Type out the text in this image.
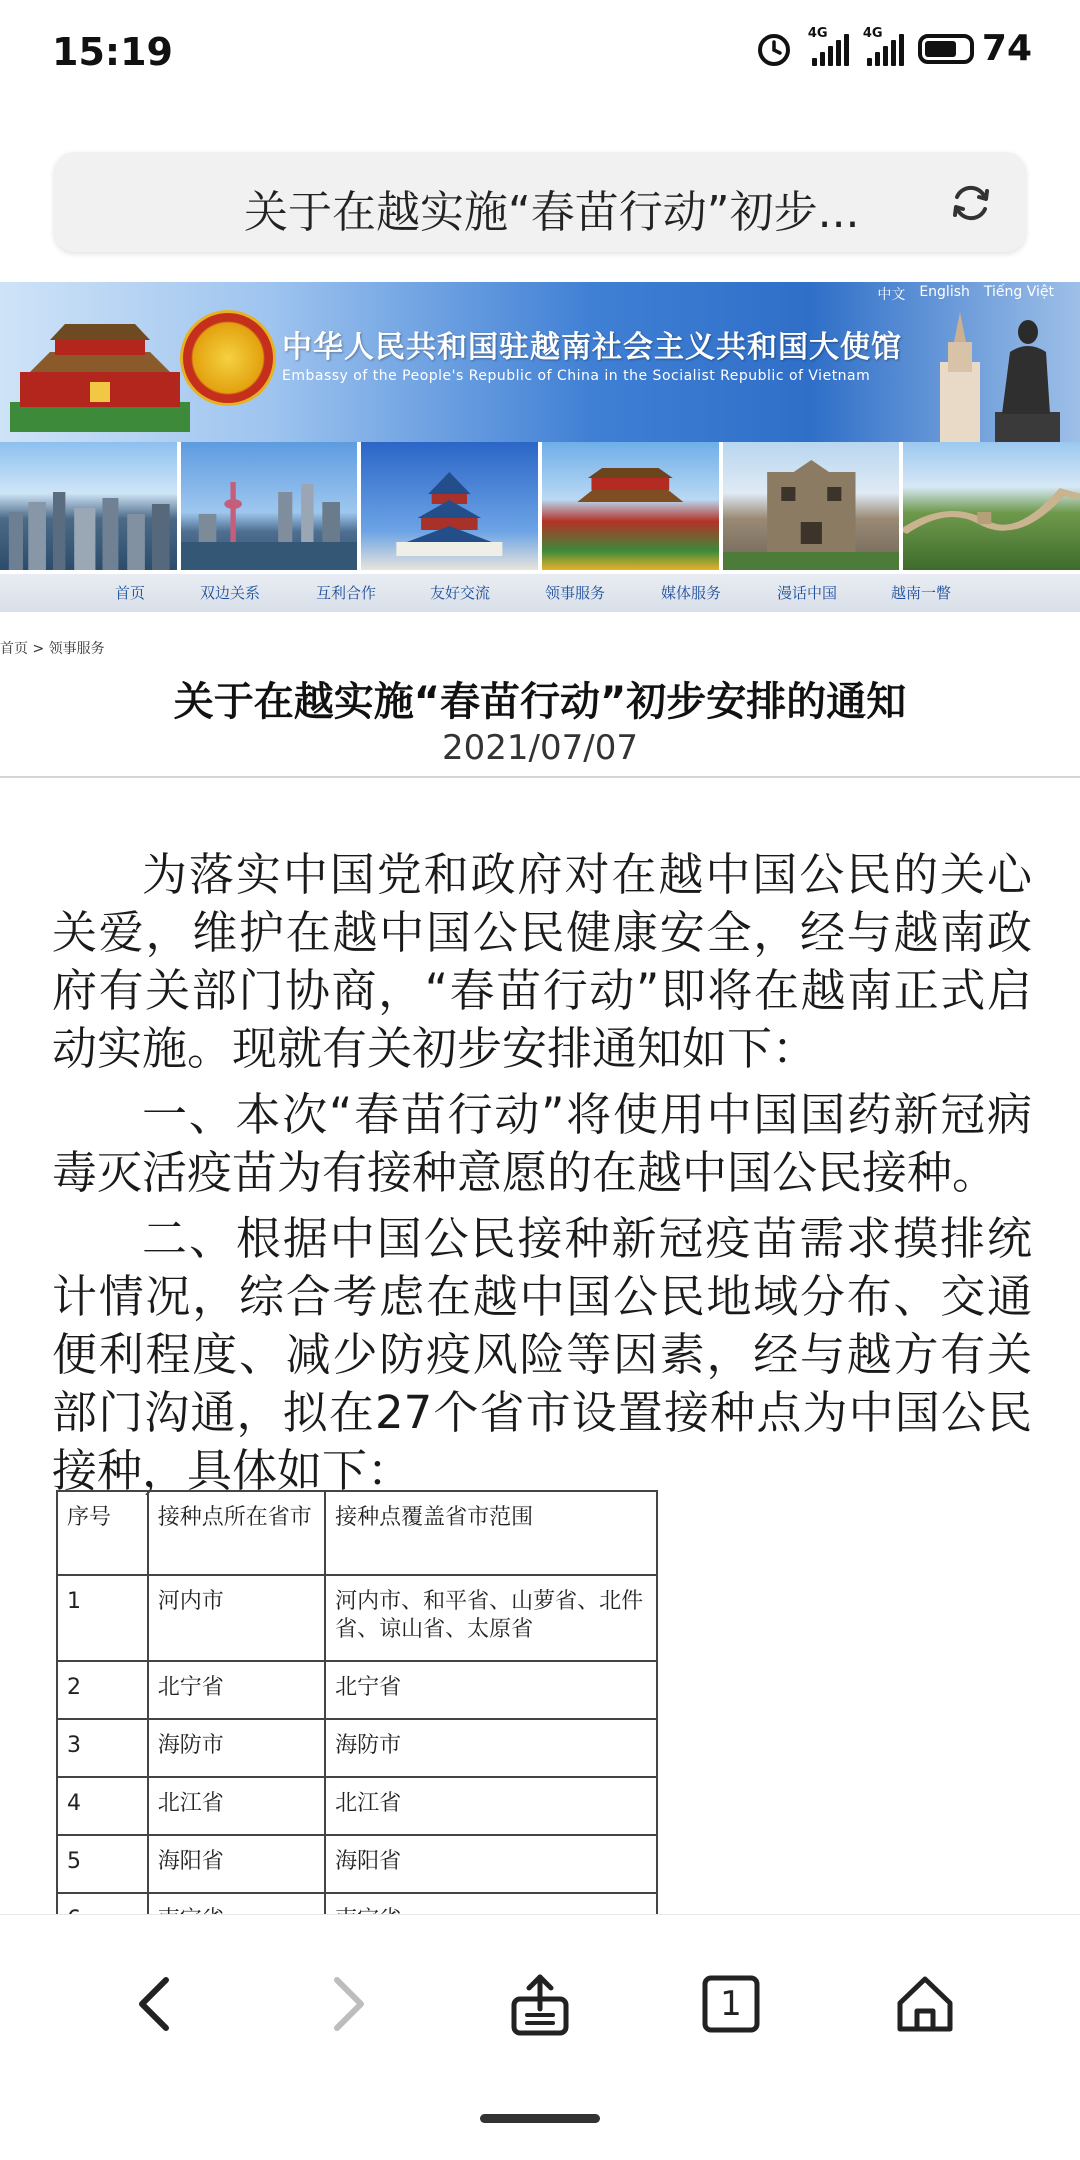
15:19	4G	4G	74
关于在越实施“春苗行动”初步...
中华人民共和国驻越南社会主义共和国大使馆
Embassy of the People's Republic of China in the Socialist Republic of Vietnam
中文 English Tiếng Việt
首页	双边关系	互利合作	友好交流	领事服务	媒体服务	漫话中国	越南一瞥
首页 > 领事服务
关于在越实施“春苗行动”初步安排的通知
2021/07/07

为落实中国党和政府对在越中国公民的关心关爱，维护在越中国公民健康安全，经与越南政府有关部门协商，“春苗行动”即将在越南正式启动实施。现就有关初步安排通知如下：

一、本次“春苗行动”将使用中国国药新冠病毒灭活疫苗为有接种意愿的在越中国公民接种。

二、根据中国公民接种新冠疫苗需求摸排统计情况，综合考虑在越中国公民地域分布、交通便利程度、减少防疫风险等因素，经与越方有关部门沟通，拟在27个省市设置接种点为中国公民接种，具体如下：

序号	接种点所在省市	接种点覆盖省市范围
1	河内市	河内市、和平省、山萝省、北件省、谅山省、太原省
2	北宁省	北宁省
3	海防市	海防市
4	北江省	北江省
5	海阳省	海阳省

1
